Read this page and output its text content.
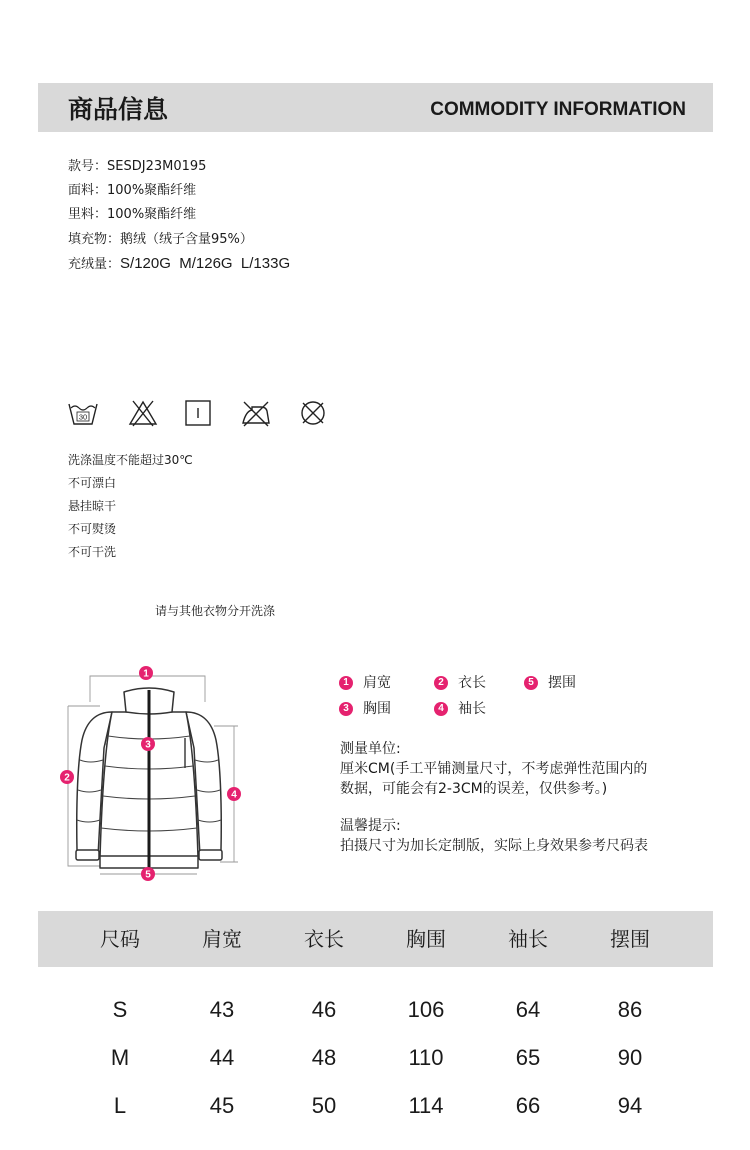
商品信息	COMMODITY INFORMATION
款号：SESDJ23M0195
面料：100%聚酯纤维
里料：100%聚酯纤维
填充物：鹅绒（绒子含量95%）
充绒量：S/120G  M/126G  L/133G
30
洗涤温度不能超过30℃
不可漂白
悬挂晾干
不可熨烫
不可干洗
请与其他衣物分开洗涤
1
2
3
4
5
1	肩宽	2	衣长	5	摆围
3	胸围	4	袖长
测量单位:
厘米CM(手工平铺测量尺寸，不考虑弹性范围内的
数据，可能会有2-3CM的误差，仅供参考。)
温馨提示:
拍摄尺寸为加长定制版，实际上身效果参考尺码表
尺码	肩宽	衣长	胸围	袖长	摆围
S	43	46	106	64	86
M	44	48	110	65	90
L	45	50	114	66	94
